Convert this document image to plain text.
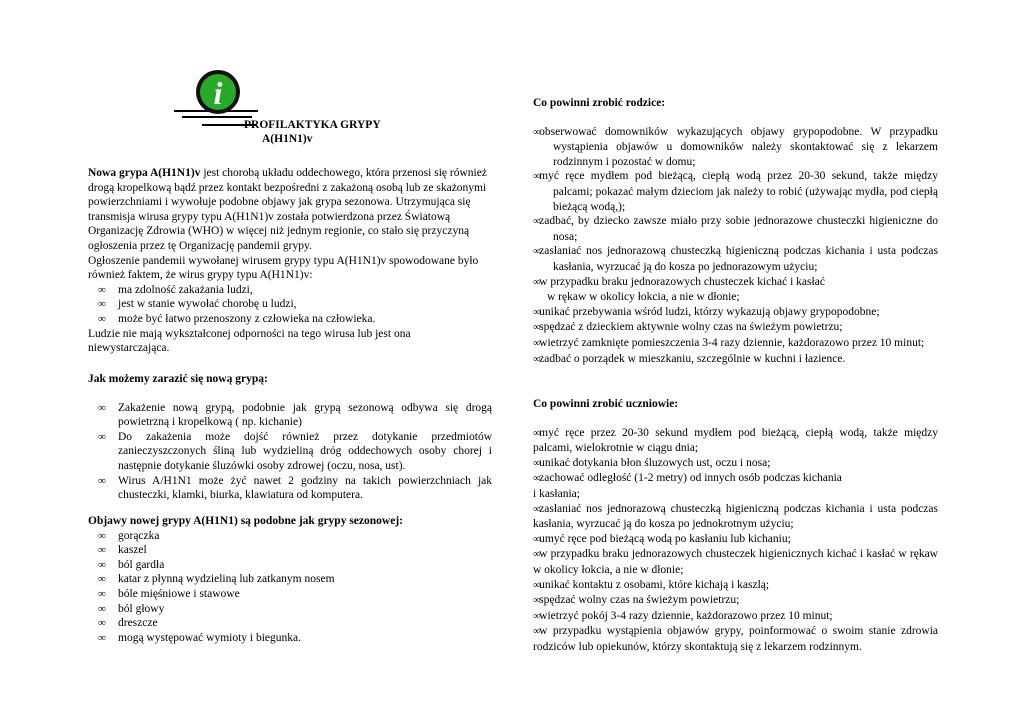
i
PROFILAKTYKA GRYPY
A(H1N1)v

Nowa grypa A(H1N1)v jest chorobą układu oddechowego, która przenosi się również drogą kropelkową bądź przez kontakt bezpośredni z zakażoną osobą lub ze skażonymi powierzchniami i wywołuje podobne objawy jak grypa sezonowa. Utrzymująca się transmisja wirusa grypy typu A(H1N1)v została potwierdzona przez Światową Organizację Zdrowia (WHO) w więcej niż jednym regionie, co stało się przyczyną ogłoszenia przez tę Organizację pandemii grypy.

Ogłoszenie pandemii wywołanej wirusem grypy typu A(H1N1)v spowodowane było również faktem, że wirus grypy typu A(H1N1)v:

∞ ma zdolność zakażania ludzi,
∞ jest w stanie wywołać chorobę u ludzi,
∞ może być łatwo przenoszony z człowieka na człowieka.

Ludzie nie mają wykształconej odporności na tego wirusa lub jest ona niewystarczająca.

Jak możemy zarazić się nową grypą:

∞ Zakażenie nową grypą, podobnie jak grypą sezonową odbywa się drogą powietrzną i kropelkową ( np. kichanie)
∞ Do zakażenia może dojść również przez dotykanie przedmiotów zanieczyszczonych śliną lub wydzieliną dróg oddechowych osoby chorej i następnie dotykanie śluzówki osoby zdrowej (oczu, nosa, ust).
∞ Wirus A/H1N1 może żyć nawet 2 godziny na takich powierzchniach jak chusteczki, klamki, biurka, klawiatura od komputera.

Objawy nowej grypy A(H1N1) są podobne jak grypy sezonowej:

∞ gorączka
∞ kaszel
∞ ból gardła
∞ katar z płynną wydzieliną lub zatkanym nosem
∞ bóle mięśniowe i stawowe
∞ ból głowy
∞ dreszcze
∞ mogą występować wymioty i biegunka.

Co powinni zrobić rodzice:

∞obserwować domowników wykazujących objawy grypopodobne. W przypadku wystąpienia objawów u domowników należy skontaktować się z lekarzem rodzinnym i pozostać w domu;
∞myć ręce mydłem pod bieżącą, ciepłą wodą przez 20-30 sekund, także między palcami; pokazać małym dzieciom jak należy to robić (używając mydła, pod ciepłą bieżącą wodą,);
∞zadbać, by dziecko zawsze miało przy sobie jednorazowe chusteczki higieniczne do nosa;
∞zasłaniać nos jednorazową chusteczką higieniczną podczas kichania i usta podczas kasłania, wyrzucać ją do kosza po jednorazowym użyciu;
∞w przypadku braku jednorazowych chusteczek kichać i kasłać
w rękaw w okolicy łokcia, a nie w dłonie;
∞unikać przebywania wśród ludzi, którzy wykazują objawy grypopodobne;
∞spędzać z dzieckiem aktywnie wolny czas na świeżym powietrzu;
∞wietrzyć zamknięte pomieszczenia 3-4 razy dziennie, każdorazowo przez 10 minut;
∞zadbać o porządek w mieszkaniu, szczególnie w kuchni i łazience.

Co powinni zrobić uczniowie:

∞myć ręce przez 20-30 sekund mydłem pod bieżącą, ciepłą wodą, także między palcami, wielokrotnie w ciągu dnia;
∞unikać dotykania błon śluzowych ust, oczu i nosa;
∞zachować odległość (1-2 metry) od innych osób podczas kichania
i kasłania;
∞zasłaniać nos jednorazową chusteczką higieniczną podczas kichania i usta podczas kasłania, wyrzucać ją do kosza po jednokrotnym użyciu;
∞umyć ręce pod bieżącą wodą po kasłaniu lub kichaniu;
∞w przypadku braku jednorazowych chusteczek higienicznych kichać i kasłać w rękaw w okolicy łokcia, a nie w dłonie;
∞unikać kontaktu z osobami, które kichają i kaszlą;
∞spędzać wolny czas na świeżym powietrzu;
∞wietrzyć pokój 3-4 razy dziennie, każdorazowo przez 10 minut;
∞w przypadku wystąpienia objawów grypy, poinformować o swoim stanie zdrowia rodziców lub opiekunów, którzy skontaktują się z lekarzem rodzinnym.
